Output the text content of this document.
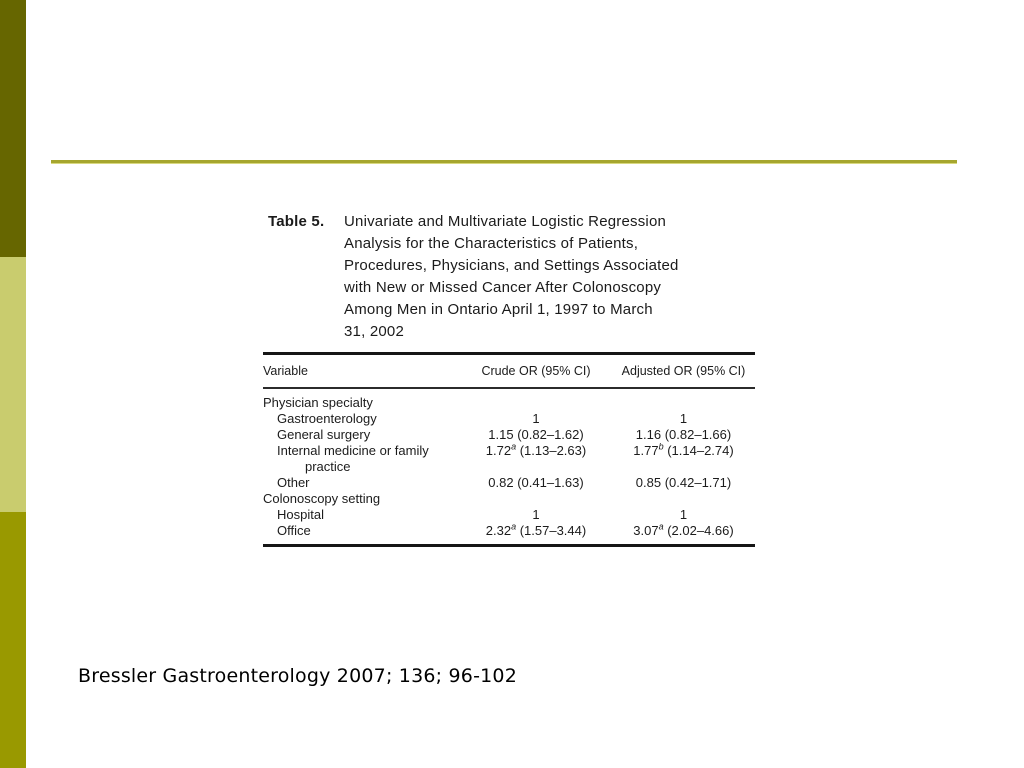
Table 5.	Univariate and Multivariate Logistic Regression
Analysis for the Characteristics of Patients,
Procedures, Physicians, and Settings Associated
with New or Missed Cancer After Colonoscopy
Among Men in Ontario April 1, 1997 to March
31, 2002
Variable	Crude OR (95% CI)	Adjusted OR (95% CI)
Physician specialty
Gastroenterology	1	1
General surgery	1.15 (0.82–1.62)	1.16 (0.82–1.66)
Internal medicine or family
practice
1.72$^a$ (1.13–2.63)	1.77$^b$ (1.14–2.74)
Other	0.82 (0.41–1.63)	0.85 (0.42–1.71)
Colonoscopy setting
Hospital	1	1
Office	2.32$^a$ (1.57–3.44)	3.07$^a$ (2.02–4.66)
Bressler Gastroenterology 2007; 136; 96-102
